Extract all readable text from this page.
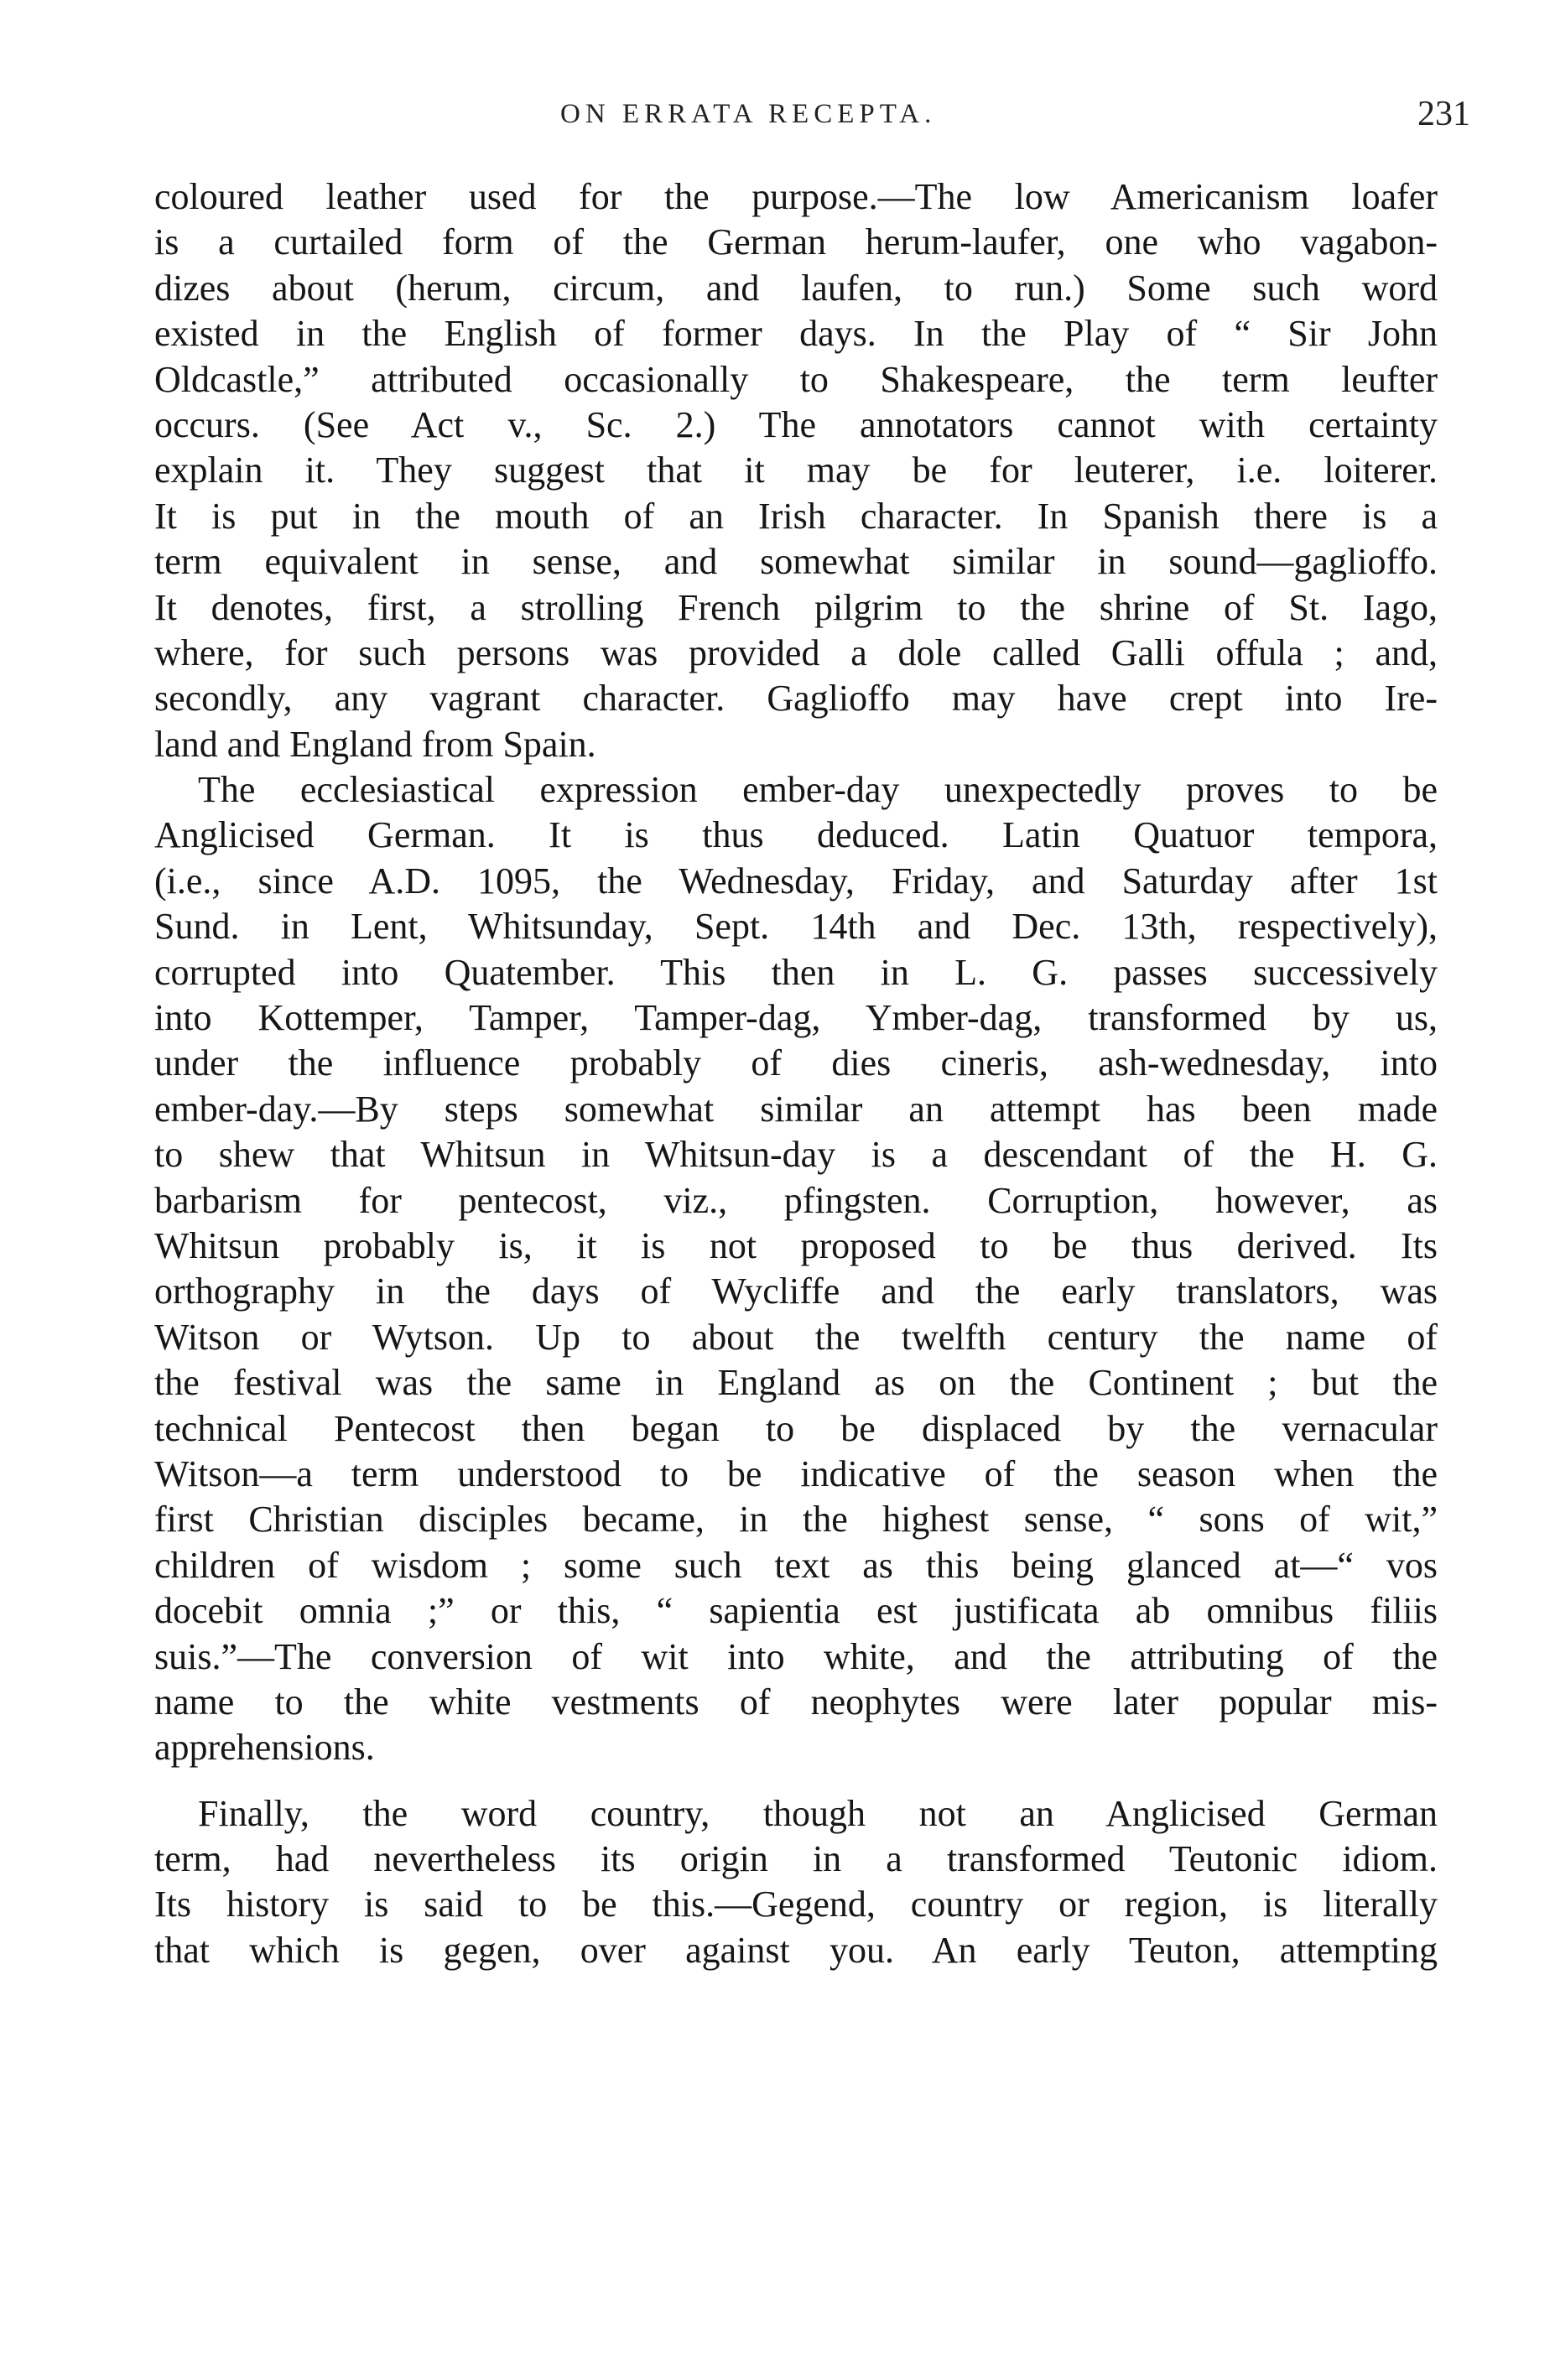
ON ERRATA RECEPTA.	231
coloured leather used for the purpose.—The low Americanism loafer
is a curtailed form of the German herum-laufer, one who vagabon-
dizes about (herum, circum, and laufen, to run.) Some such word
existed in the English of former days. In the Play of “ Sir John
Oldcastle,” attributed occasionally to Shakespeare, the term leufter
occurs. (See Act v., Sc. 2.) The annotators cannot with certainty
explain it. They suggest that it may be for leuterer, i.e. loiterer.
It is put in the mouth of an Irish character. In Spanish there is a
term equivalent in sense, and somewhat similar in sound—gaglioffo.
It denotes, first, a strolling French pilgrim to the shrine of St. Iago,
where, for such persons was provided a dole called Galli offula ; and,
secondly, any vagrant character. Gaglioffo may have crept into Ire-
land and England from Spain.
The ecclesiastical expression ember-day unexpectedly proves to be
Anglicised German. It is thus deduced. Latin Quatuor tempora,
(i.e., since A.D. 1095, the Wednesday, Friday, and Saturday after 1st
Sund. in Lent, Whitsunday, Sept. 14th and Dec. 13th, respectively),
corrupted into Quatember. This then in L. G. passes successively
into Kottemper, Tamper, Tamper-dag, Ymber-dag, transformed by us,
under the influence probably of dies cineris, ash-wednesday, into
ember-day.—By steps somewhat similar an attempt has been made
to shew that Whitsun in Whitsun-day is a descendant of the H. G.
barbarism for pentecost, viz., pfingsten. Corruption, however, as
Whitsun probably is, it is not proposed to be thus derived. Its
orthography in the days of Wycliffe and the early translators, was
Witson or Wytson. Up to about the twelfth century the name of
the festival was the same in England as on the Continent ; but the
technical Pentecost then began to be displaced by the vernacular
Witson—a term understood to be indicative of the season when the
first Christian disciples became, in the highest sense, “ sons of wit,”
children of wisdom ; some such text as this being glanced at—“ vos
docebit omnia ;” or this, “ sapientia est justificata ab omnibus filiis
suis.”—The conversion of wit into white, and the attributing of the
name to the white vestments of neophytes were later popular mis-
apprehensions.
Finally, the word country, though not an Anglicised German
term, had nevertheless its origin in a transformed Teutonic idiom.
Its history is said to be this.—Gegend, country or region, is literally
that which is gegen, over against you. An early Teuton, attempting
